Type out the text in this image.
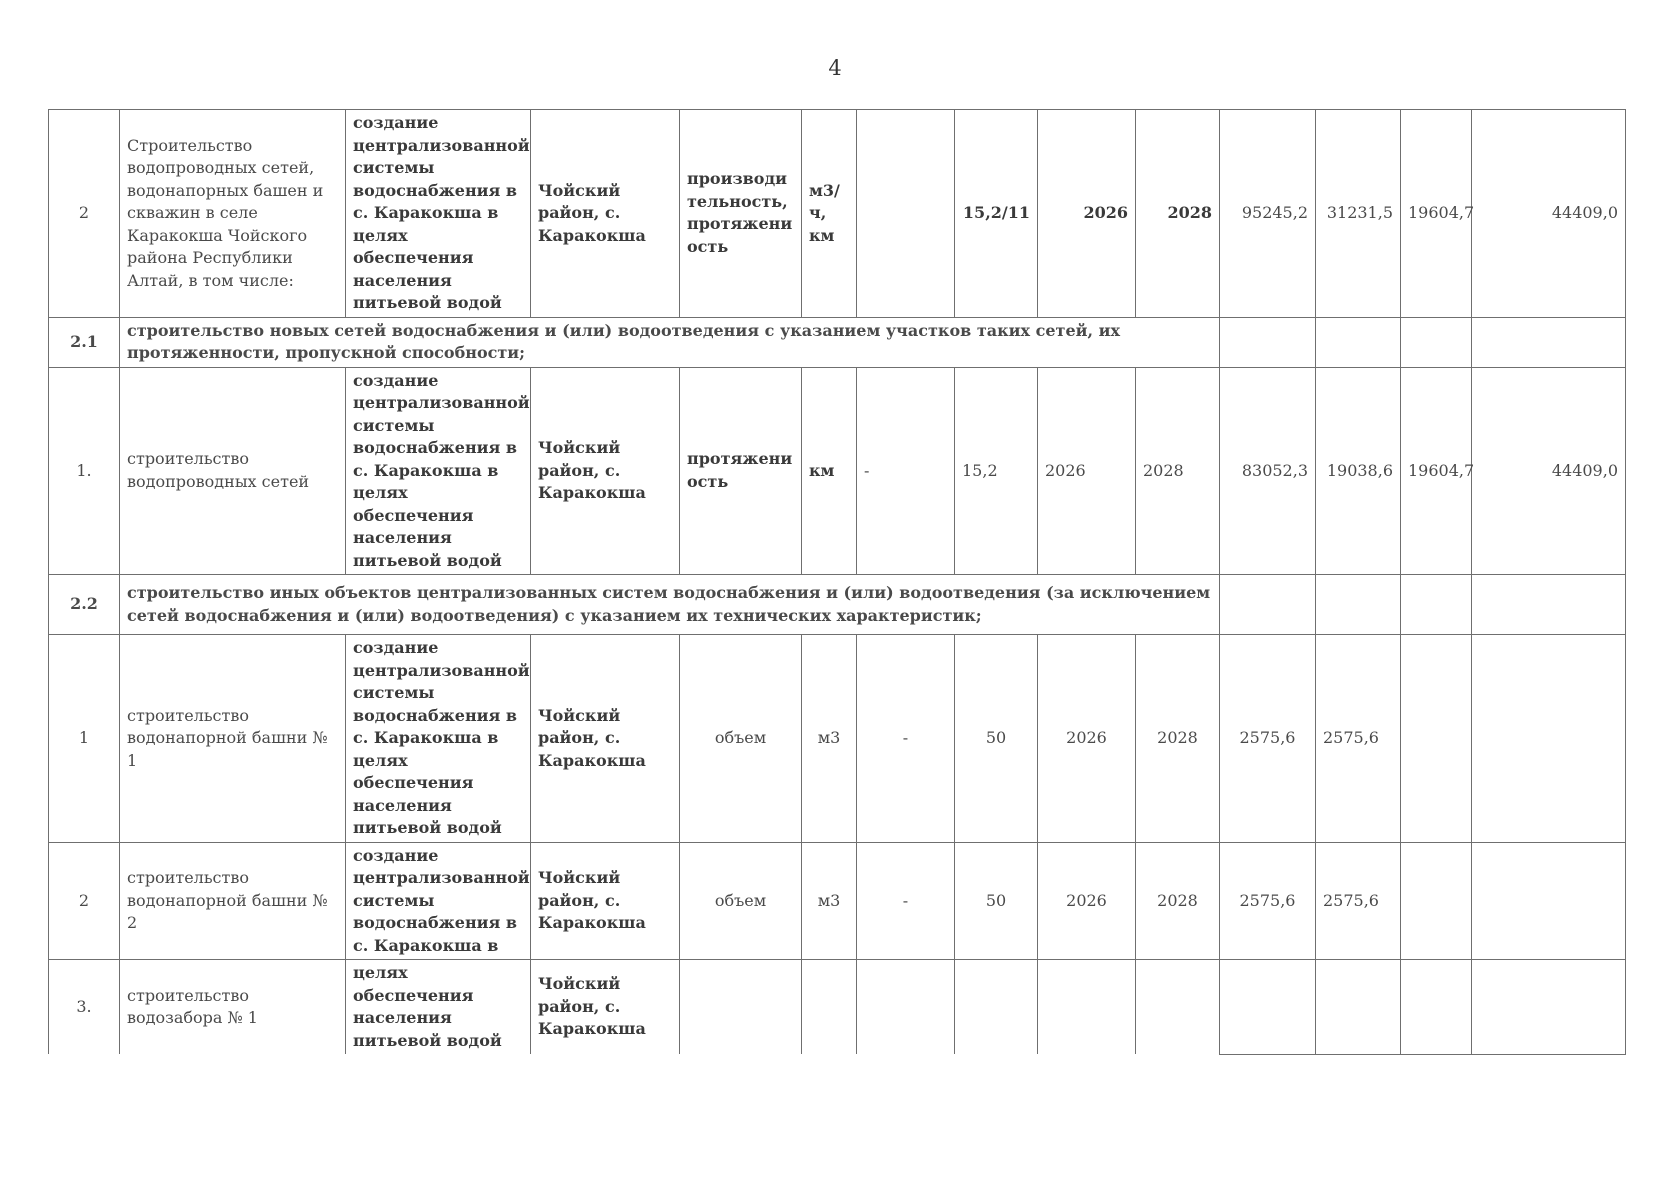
4
2	Строительство водопроводных сетей, водонапорных башен и скважин в селе Каракокша Чойского района Республики Алтай, в том числе:	создание централизованной системы водоснабжения в с. Каракокша в целях обеспечения населения питьевой водой	Чойский район, с. Каракокша	производи тельность, протяжени ость	м3/ ч, км		15,2/11	2026	2028	95245,2	31231,5	19604,7	44409,0
2.1	строительство новых сетей водоснабжения и (или) водоотведения с указанием участков таких сетей, их протяженности, пропускной способности;												
1.	строительство водопроводных сетей	создание централизованной системы водоснабжения в с. Каракокша в целях обеспечения населения питьевой водой	Чойский район, с. Каракокша	протяжени ость	км	-	15,2	2026	2028	83052,3	19038,6	19604,7	44409,0
2.2	строительство иных объектов централизованных систем водоснабжения и (или) водоотведения (за исключением сетей водоснабжения и (или) водоотведения) с указанием их технических характеристик;												
1	строительство водонапорной башни № 1	создание централизованной системы водоснабжения в с. Каракокша в целях обеспечения населения питьевой водой	Чойский район, с. Каракокша	объем	м3	-	50	2026	2028	2575,6	2575,6		
2	строительство водонапорной башни № 2	создание централизованной системы водоснабжения в с. Каракокша в	Чойский район, с. Каракокша	объем	м3	-	50	2026	2028	2575,6	2575,6		
3.	строительство водозабора № 1	целях обеспечения населения питьевой водой	Чойский район, с. Каракокша										
